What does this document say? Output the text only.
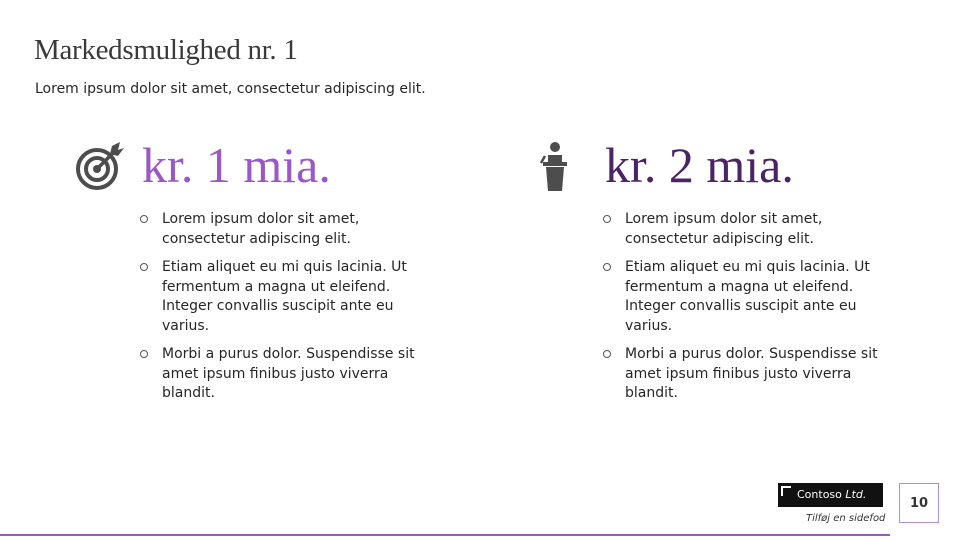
Markedsmulighed nr. 1
Lorem ipsum dolor sit amet, consectetur adipiscing elit.
kr. 1 mia.
Lorem ipsum dolor sit amet, consectetur adipiscing elit.
Etiam aliquet eu mi quis lacinia. Ut fermentum a magna ut eleifend. Integer convallis suscipit ante eu varius.
Morbi a purus dolor. Suspendisse sit amet ipsum finibus justo viverra blandit.
kr. 2 mia.
Lorem ipsum dolor sit amet, consectetur adipiscing elit.
Etiam aliquet eu mi quis lacinia. Ut fermentum a magna ut eleifend. Integer convallis suscipit ante eu varius.
Morbi a purus dolor. Suspendisse sit amet ipsum finibus justo viverra blandit.
Contoso Ltd.
Tilføj en sidefod
10
